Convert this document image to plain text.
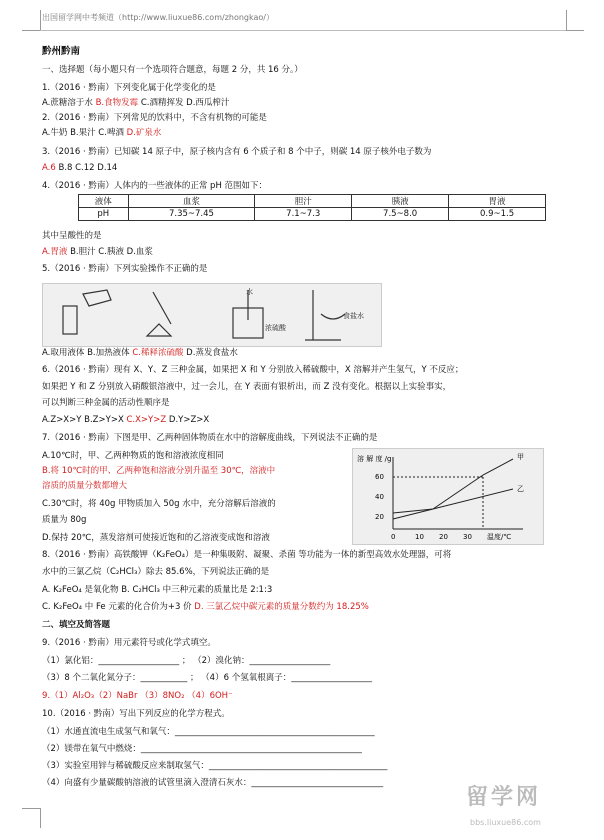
出国留学网中考频道（http://www.liuxue86.com/zhongkao/）
黔州黔南
一、选择题（每小题只有一个选项符合题意，每题 2 分，共 16 分。）
1.（2016 · 黔南）下列变化属于化学变化的是
A.蔗糖溶于水 B.食物发霉 C.酒精挥发 D.西瓜榨汁
2.（2016 · 黔南）下列常见的饮料中，不含有机物的可能是
A.牛奶 B.果汁 C.啤酒 D.矿泉水
3.（2016 · 黔南）已知碳 14 原子中，原子核内含有 6 个质子和 8 个中子，则碳 14 原子核外电子数为
A.6 B.8 C.12 D.14
4.（2016 · 黔南）人体内的一些液体的正常 pH 范围如下：
其中呈酸性的是
A.胃液 B.胆汁 C.胰液 D.血浆
5.（2016 · 黔南）下列实验操作不正确的是
A.取用液体 B.加热液体 C.稀释浓硫酸 D.蒸发食盐水
6.（2016 · 黔南）现有 X、Y、Z 三种金属，如果把 X 和 Y 分别放入稀硫酸中，X 溶解并产生氢气，Y 不反应；
如果把 Y 和 Z 分别放入硝酸银溶液中，过一会儿，在 Y 表面有银析出，而 Z 没有变化。根据以上实验事实，
可以判断三种金属的活动性顺序是
A.Z>X>Y B.Z>Y>X C.X>Y>Z D.Y>Z>X
7.（2016 · 黔南）下图是甲、乙两种固体物质在水中的溶解度曲线，下列说法不正确的是
A.10℃时，甲、乙两种物质的饱和溶液浓度相同
B.将 10℃时的甲、乙两种饱和溶液分别升温至 30℃，溶液中
溶质的质量分数都增大
C.30℃时，将 40g 甲物质加入 50g 水中，充分溶解后溶液的
质量为 80g
D.保持 20℃，蒸发溶剂可使接近饱和的乙溶液变成饱和溶液
8.（2016 · 黔南）高铁酸钾（K₂FeO₄）是一种集吸附、凝聚、杀菌 等功能为一体的新型高效水处理器，可将
水中的三氯乙烷（C₂HCl₃）除去 85.6%，下列说法正确的是
A. K₂FeO₄ 是氧化物 B. C₂HCl₃ 中三种元素的质量比是 2:1:3
C. K₂FeO₄ 中 Fe 元素的化合价为+3 价 D. 三氯乙烷中碳元素的质量分数约为 18.25%
二、填空及简答题
9.（2016 · 黔南）用元素符号或化学式填空。
（1）氯化铝：___________________ ； （2）溴化钠：___________________
（3）8 个二氧化氮分子：___________ ； （4）6 个氢氧根离子：___________________
9.（1）Al₂O₃（2）NaBr （3）8NO₂ （4）6OH⁻
10.（2016 · 黔南）写出下列反应的化学方程式。
（1）水通直流电生成氢气和氧气：_______________________________________________
（2）镁带在氧气中燃烧：____________________________________________________
（3）实验室用锌与稀硫酸反应来制取氢气：__________________________________________
（4）向盛有少量碳酸钠溶液的试管里滴入澄清石灰水：_______________________________
液体	血浆	胆汁	胰液	胃液
pH	7.35~7.45	7.1~7.3	7.5~8.0	0.9~1.5
水
浓硫酸
食盐水
溶 解 度 /g
60
40
20
0	10 20 30 温度/℃
甲
乙
留学网
bbs.liuxue86.com
